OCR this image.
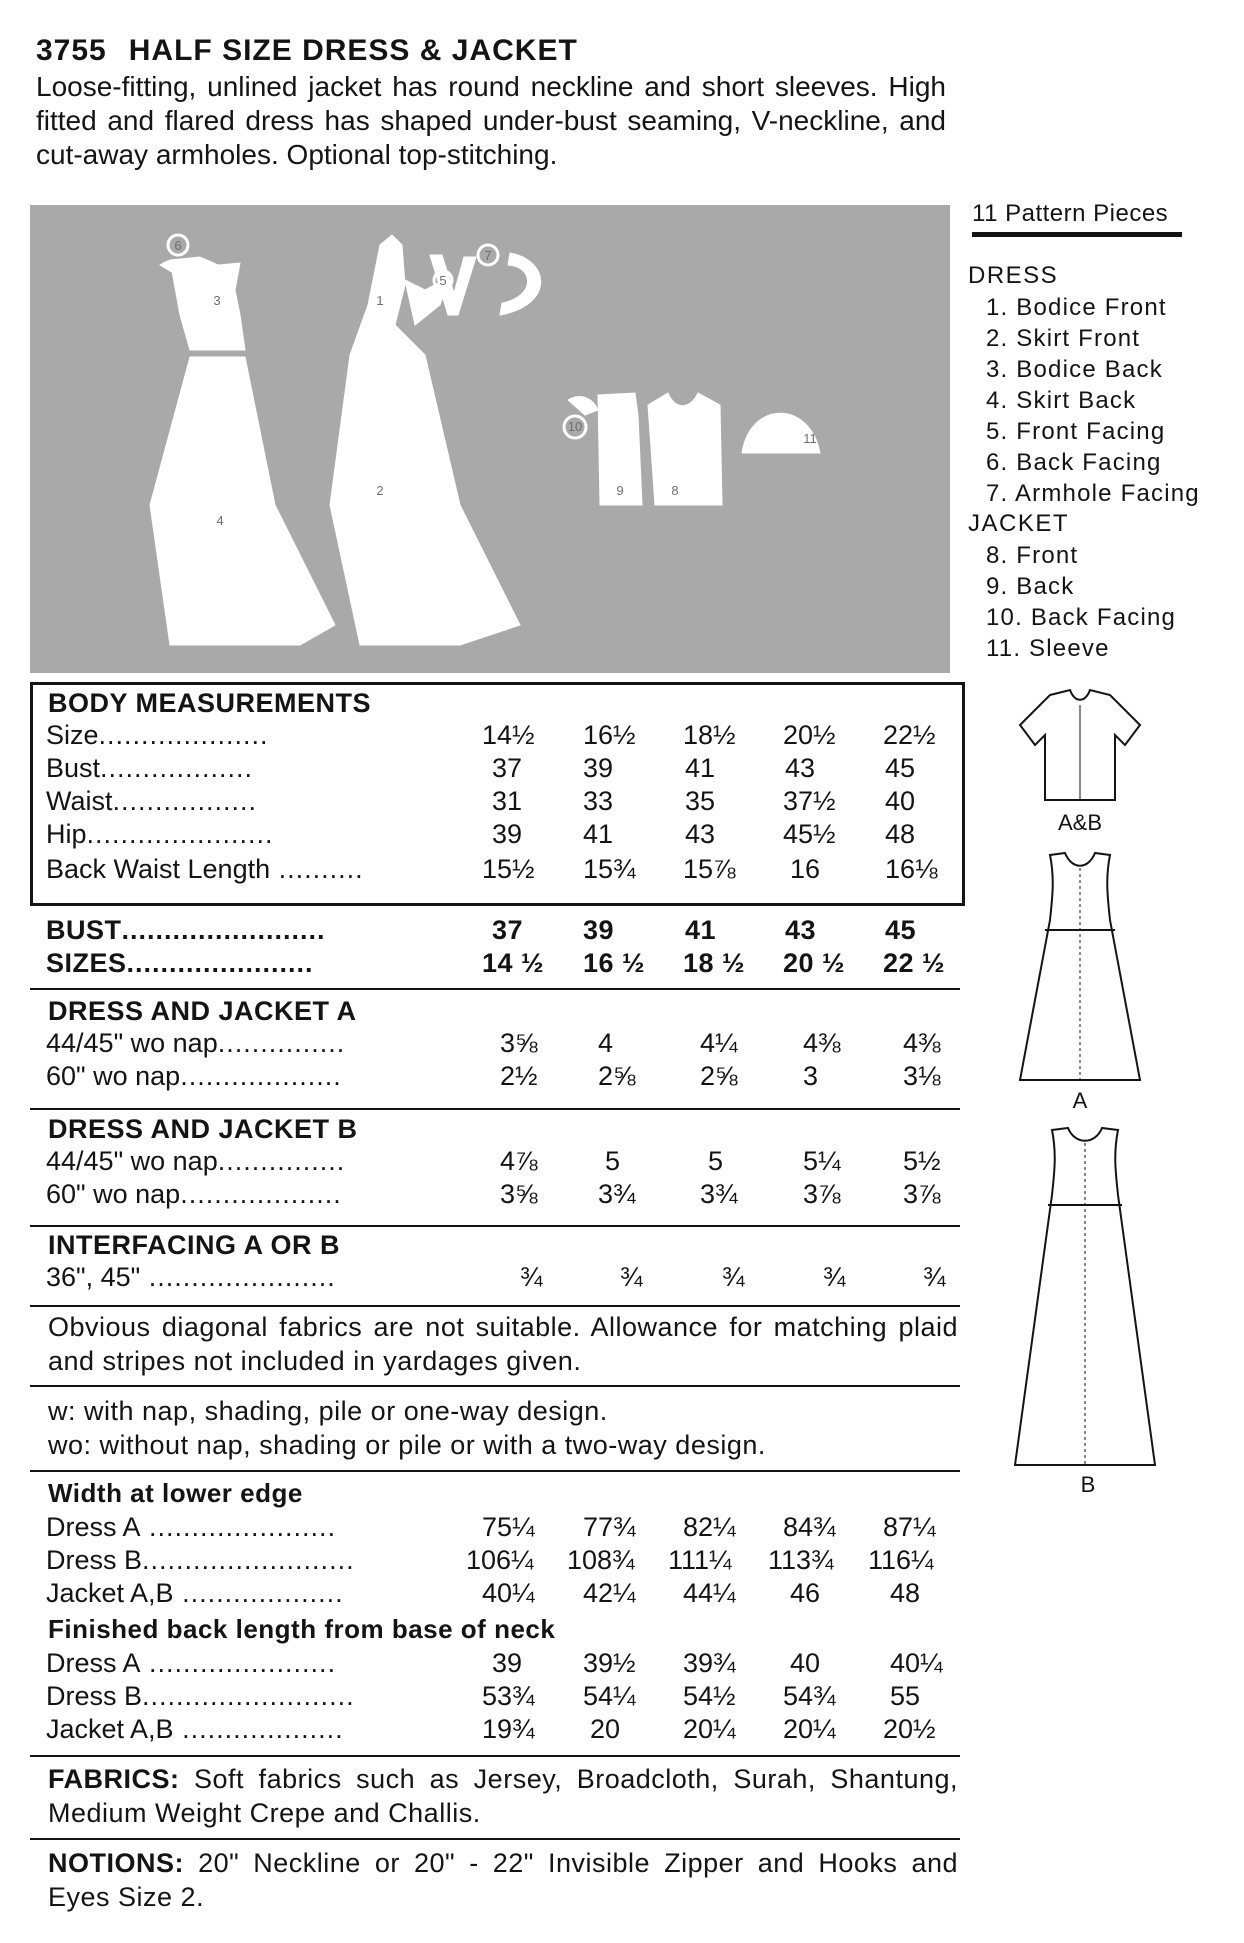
3755 HALF SIZE DRESS & JACKET
Loose-fitting, unlined jacket has round neckline and short sleeves. High fitted and flared dress has shaped under-bust seaming, V-neckline, and cut-away armholes. Optional top-stitching.
6
3
4
1
2
5
7
8
9
10
11
11 Pattern Pieces
DRESS
1. Bodice Front
2. Skirt Front
3. Bodice Back
4. Skirt Back
5. Front Facing
6. Back Facing
7. Armhole Facing
JACKET
8. Front
9. Back
10. Back Facing
11. Sleeve
A&B
A
B
BODY MEASUREMENTS
Size....................	14½ 16½ 18½ 20½ 22½
Bust..................	37 39	41	43	45
Waist.................	31 33	35	37½ 40
Hip......................	39 41	43	45½ 48
Back Waist Length ..........	15½ 15¾ 15⅞ 16 16⅛
BUST........................	37 39	41	43	45
SIZES......................	14 ½ 16 ½ 18 ½ 20 ½ 22 ½
DRESS AND JACKET A
44/45" wo nap...............	3⅝ 4	4¼ 4⅜ 4⅜
60" wo nap...................	2½ 2⅝ 2⅝ 3	3⅛
DRESS AND JACKET B
44/45" wo nap...............	4⅞ 5	5	5¼ 5½
60" wo nap...................	3⅝ 3¾ 3¾ 3⅞ 3⅞
INTERFACING A OR B
36", 45" ......................	¾	¾	¾	¾	¾
Obvious diagonal fabrics are not suitable. Allowance for matching plaid and stripes not included in yardages given.
w: with nap, shading, pile or one-way design.
wo: without nap, shading or pile or with a two-way design.
Width at lower edge
Dress A ......................	75¼ 77¾ 82¼ 84¾ 87¼
Dress B.........................	106¼ 108¾ 111¼ 113¾ 116¼
Jacket A,B ...................	40¼ 42¼ 44¼ 46	48
Finished back length from base of neck
Dress A ......................	39 39½ 39¾ 40	40¼
Dress B.........................	53¾ 54¼ 54½ 54¾ 55
Jacket A,B ...................	19¾ 20 20¼ 20¼ 20½
FABRICS: Soft fabrics such as Jersey, Broadcloth, Surah, Shantung, Medium Weight Crepe and Challis.
NOTIONS: 20" Neckline or 20" - 22" Invisible Zipper and Hooks and Eyes Size 2.
